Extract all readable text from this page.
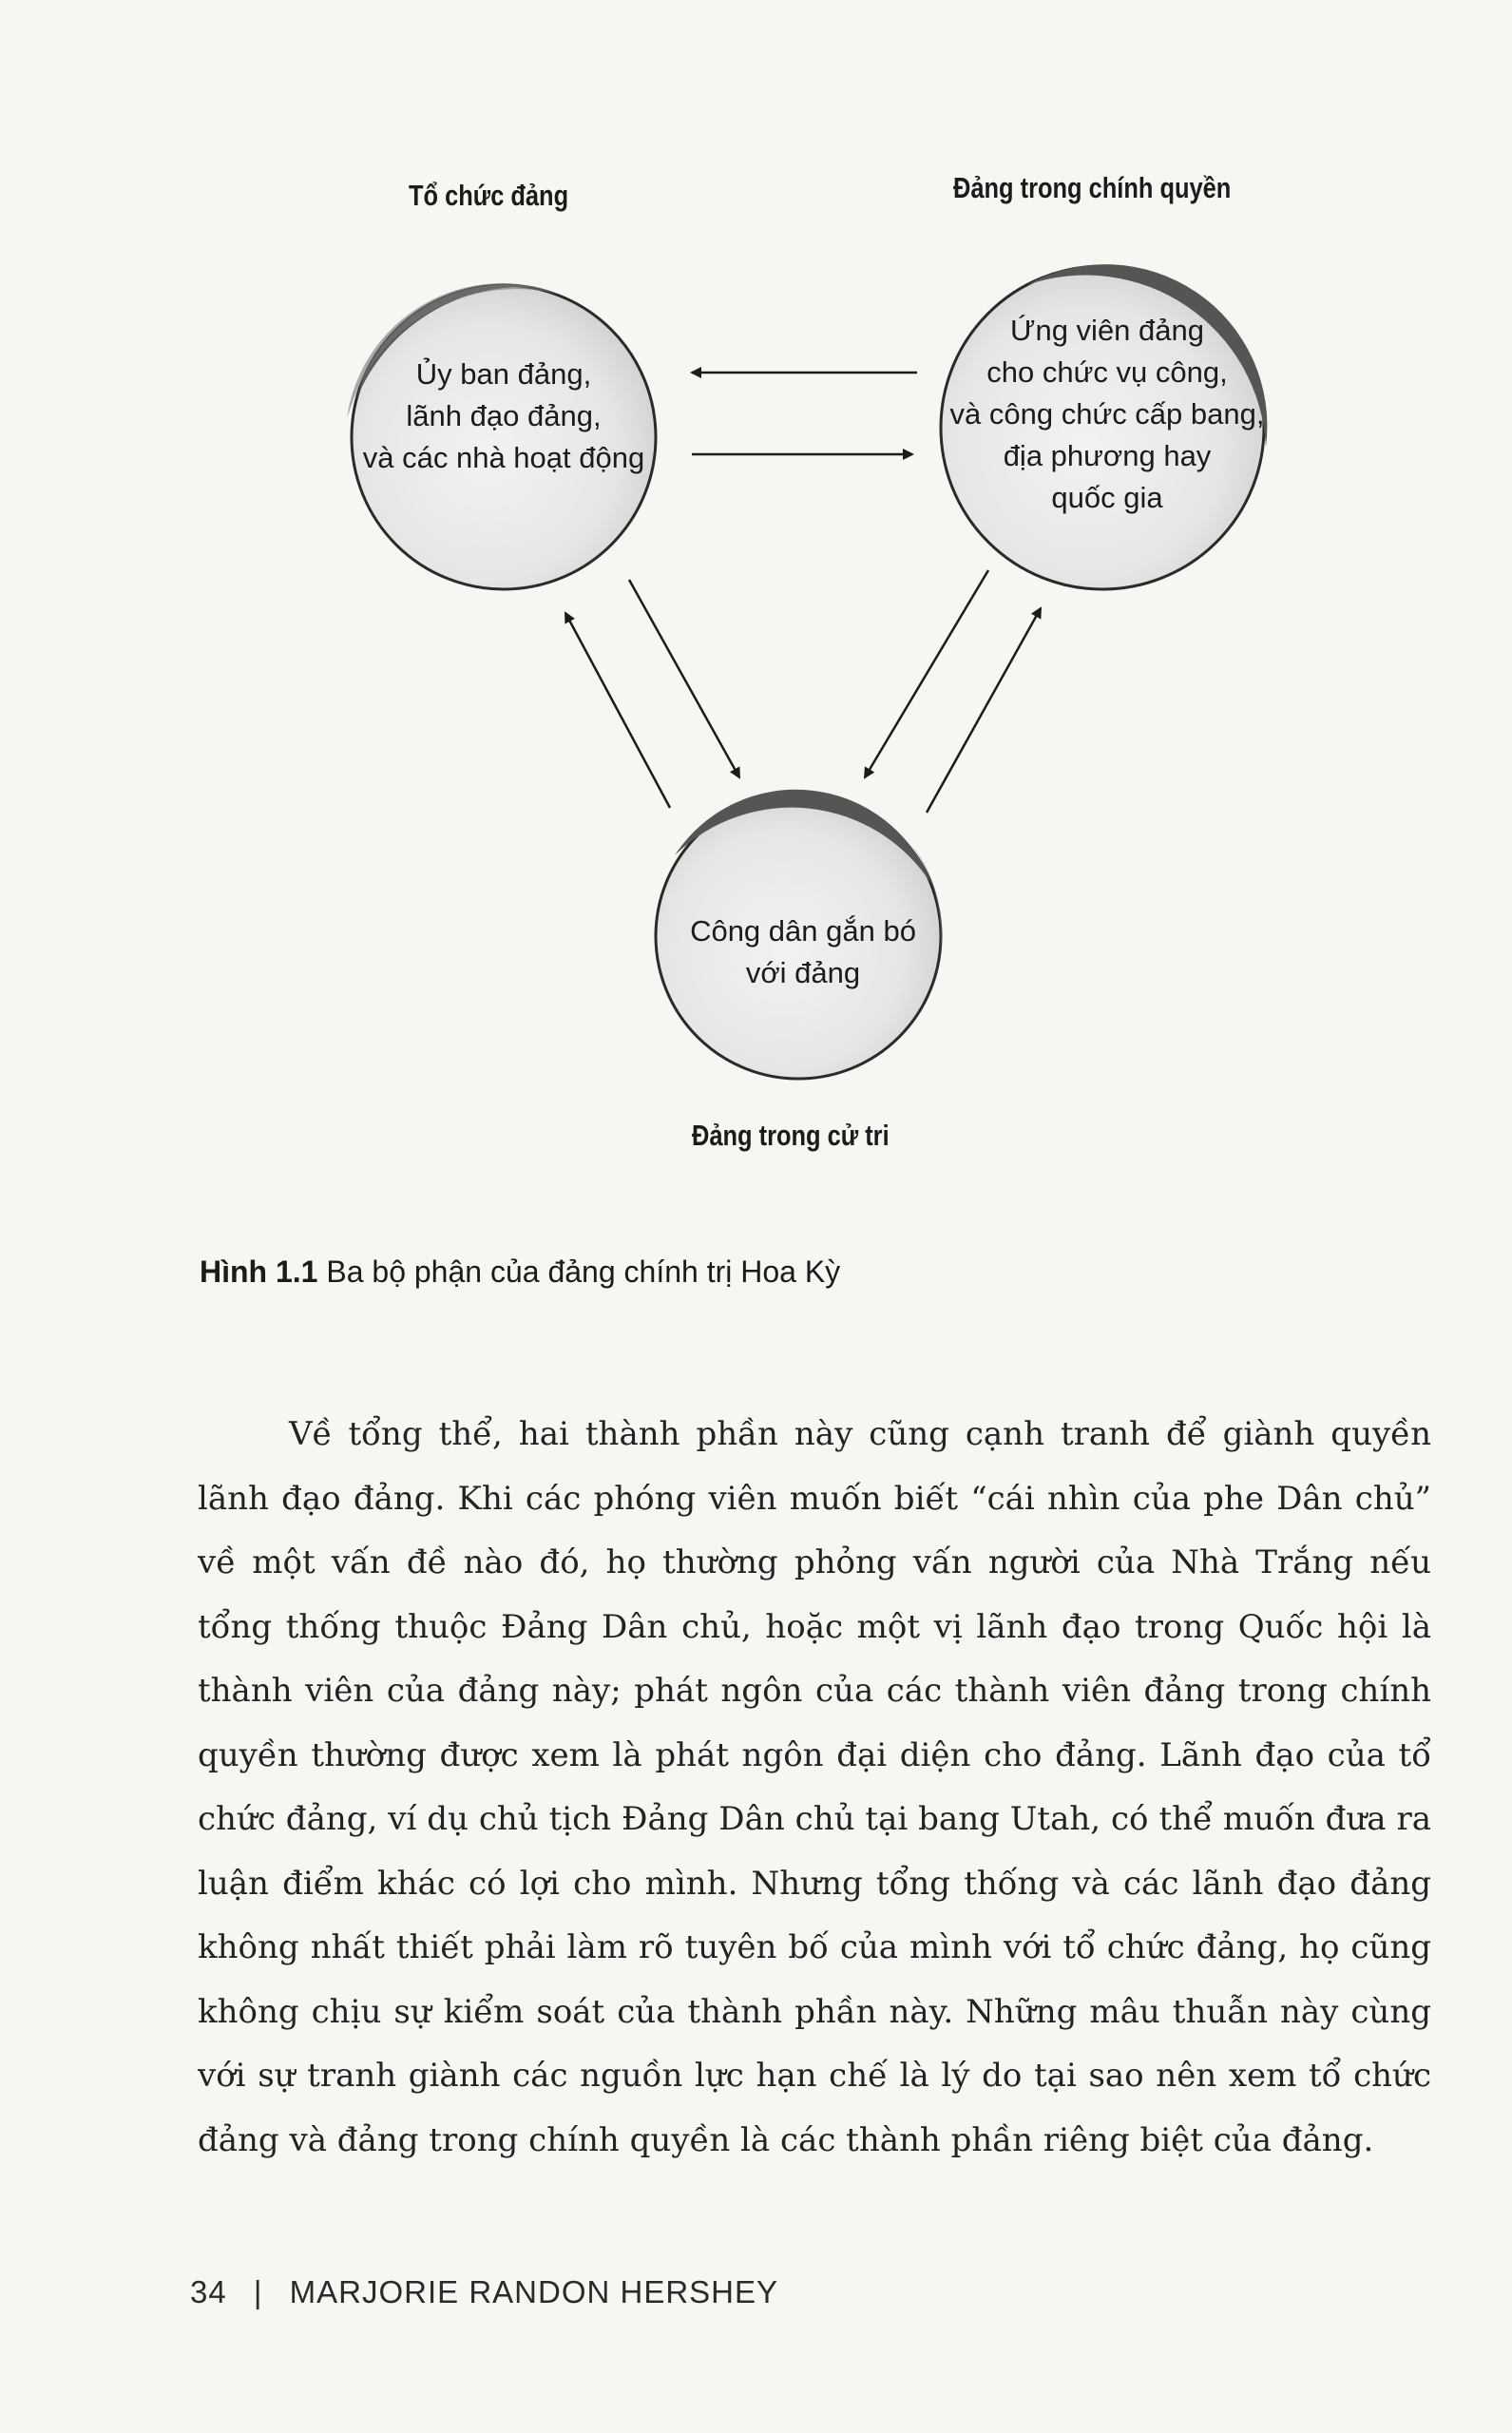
Tổ chức đảng	Đảng trong chính quyền
Đảng trong cử tri
Ủy ban đảng,
lãnh đạo đảng,
và các nhà hoạt động
Ứng viên đảng
cho chức vụ công,
và công chức cấp bang,
địa phương hay
quốc gia
Công dân gắn bó
với đảng
Hình 1.1 Ba bộ phận của đảng chính trị Hoa Kỳ

Về tổng thể, hai thành phần này cũng cạnh tranh để giành quyền lãnh đạo đảng. Khi các phóng viên muốn biết “cái nhìn của phe Dân chủ” về một vấn đề nào đó, họ thường phỏng vấn người của Nhà Trắng nếu tổng thống thuộc Đảng Dân chủ, hoặc một vị lãnh đạo trong Quốc hội là thành viên của đảng này; phát ngôn của các thành viên đảng trong chính quyền thường được xem là phát ngôn đại diện cho đảng. Lãnh đạo của tổ chức đảng, ví dụ chủ tịch Đảng Dân chủ tại bang Utah, có thể muốn đưa ra luận điểm khác có lợi cho mình. Nhưng tổng thống và các lãnh đạo đảng không nhất thiết phải làm rõ tuyên bố của mình với tổ chức đảng, họ cũng không chịu sự kiểm soát của thành phần này. Những mâu thuẫn này cùng với sự tranh giành các nguồn lực hạn chế là lý do tại sao nên xem tổ chức đảng và đảng trong chính quyền là các thành phần riêng biệt của đảng.

34 | MARJORIE RANDON HERSHEY
